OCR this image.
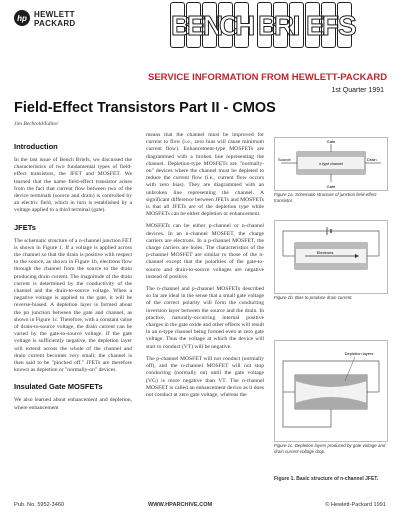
hp HEWLETT
PACKARD	B
E
N
C
H B
R
I E
F
S
SERVICE INFORMATION FROM HEWLETT-PACKARD
1st Quarter 1991
Field-Effect Transistors Part II - CMOS
Jim Bechtold/Editor
Introduction

In the last issue of Bench Briefs, we discussed the characteristics of two fundamental types of field-effect transistors, the JFET and MOSFET. We learned that the name field-effect transistor arises from the fact that current flow between two of the device terminals (source and drain) is controlled by an electric field, which in turn is established by a voltage applied to a third terminal (gate).

JFETs

The schematic structure of a n-channel junction FET is shown in Figure 1. If a voltage is applied across the channel so that the drain is positive with respect to the source, as shown in Figure 1b, electrons flow through the channel from the source to the drain producing drain current. The magnitude of the drain current is determined by the conductivity of the channel and the drain-to-source voltage. When a negative voltage is applied to the gate, it will be reverse-biased. A depletion layer is formed about the pn junction between the gate and channel, as shown in Figure 1c. Therefore, with a constant value of drain-to-source voltage, the drain current can be varied by the gate-to-source voltage. If the gate voltage is sufficiently negative, the depletion layer will extend across the whole of the channel and drain current becomes very small; the channel is then said to be "pinched off." JFETs are therefore known as depletion or "normally-on" devices.

Insulated Gate MOSFETs

We also learned about enhancement and depletion, where enhancement

means that the channel must be improved for current to flow (i.e., zero bias will cause minimum current flow). Enhancement-type MOSFETs are diagrammed with a broken line representing the channel. Depletion-type MOSFETs are "normally-on" devices where the channel must be depleted to reduce the current flow (i.e., current flow occurs with zero bias). They are diagrammed with an unbroken line representing the channel. A significant difference between JFETs and MOSFETs is that all JFETs are of the depletion type while MOSFETs can be either depletion or enhancement.

MOSFETs can be either p-channel or n-channel devices. In an n-channel MOSFET, the charge carriers are electrons. In a p-channel MOSFET, the charge carriers are holes. The characteristics of the p-channel MOSFET are similar to those of the n-channel except that the polarities of the gate-to-source and drain-to-source voltages are negative instead of positive.

The n-channel and p-channel MOSFETs described so far are ideal in the sense that a small gate voltage of the correct polarity will form the conducting inversion layer between the source and the drain. In practice, naturally-occurring internal positive charges in the gate oxide and other effects will result in an n-type channel being formed even at zero gate voltage. Thus the voltage at which the device will start to conduct (VT) will be negative.

The p-channel MOSFET will not conduct (normally off), and the n-channel MOSFET will not stop conducting (normally on) until the gate voltage (VG) is more negative than VT. The n-channel MOSFET is called an enhancement device as it does not conduct at zero gate voltage, whereas the

Gate
Gate
Source	Drain
n-type channel
Figure 1a. Schematic structure of junction field-effect transistor.
Electrons
Figure 1b. Bias to produce drain current.
Depletion layers
Figure 1c. Depletion layers produced by gate voltage and drain current voltage drop.
Figure 1. Basic structure of n-channel JFET.
Pub. No. 5952-3460	WWW.HPARCHIVE.COM	© Hewlett-Packard 1991
